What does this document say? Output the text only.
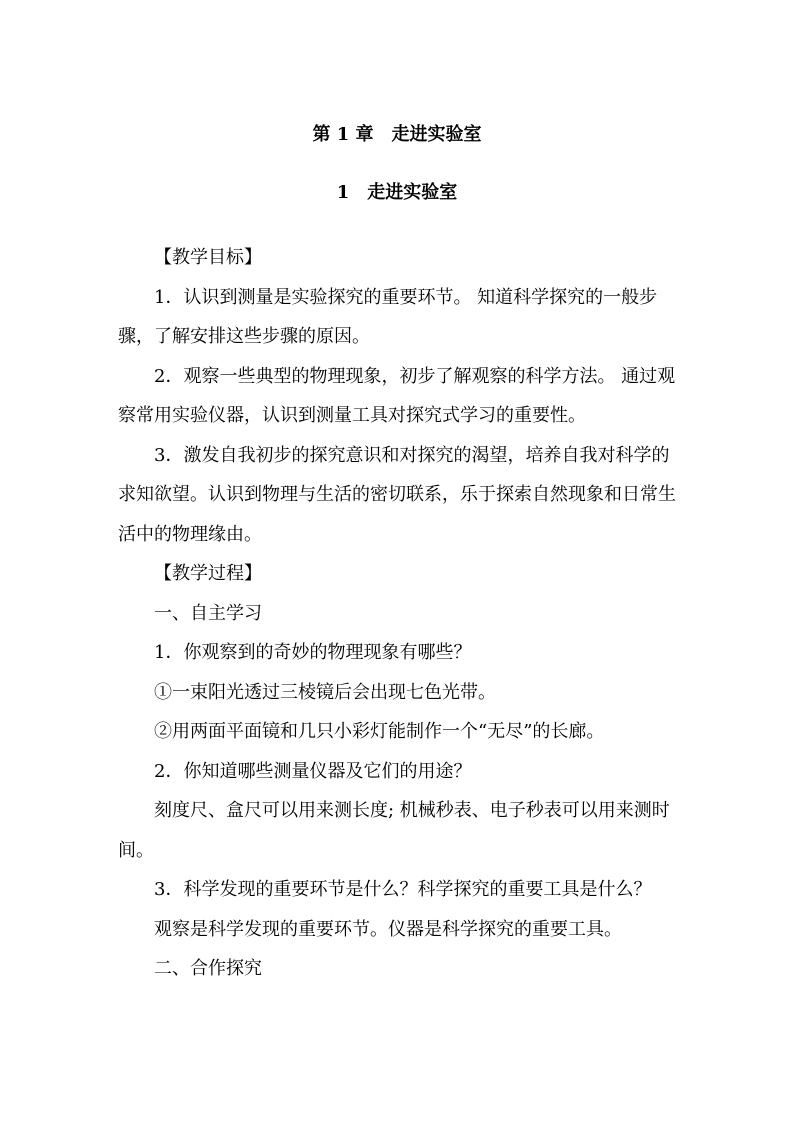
第 1 章　走进实验室
1　走进实验室

【教学目标】

1．认识到测量是实验探究的重要环节。 知道科学探究的一般步骤，了解安排这些步骤的原因。

2．观察一些典型的物理现象，初步了解观察的科学方法。 通过观察常用实验仪器，认识到测量工具对探究式学习的重要性。

3．激发自我初步的探究意识和对探究的渴望，培养自我对科学的求知欲望。认识到物理与生活的密切联系，乐于探索自然现象和日常生活中的物理缘由。

【教学过程】

一、自主学习

1．你观察到的奇妙的物理现象有哪些？

①一束阳光透过三棱镜后会出现七色光带。

②用两面平面镜和几只小彩灯能制作一个“无尽”的长廊。

2．你知道哪些测量仪器及它们的用途？

刻度尺、盒尺可以用来测长度; 机械秒表、电子秒表可以用来测时间。

3．科学发现的重要环节是什么？科学探究的重要工具是什么？

观察是科学发现的重要环节。仪器是科学探究的重要工具。

二、合作探究
